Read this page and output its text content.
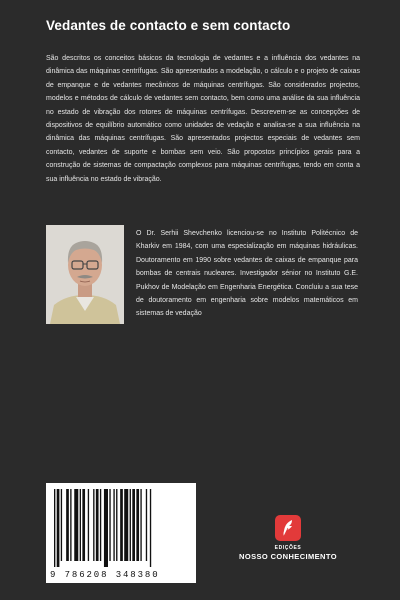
Vedantes de contacto e sem contacto
São descritos os conceitos básicos da tecnologia de vedantes e a influência dos vedantes na dinâmica das máquinas centrífugas. São apresentados a modelação, o cálculo e o projeto de caixas de empanque e de vedantes mecânicos de máquinas centrífugas. São considerados projectos, modelos e métodos de cálculo de vedantes sem contacto, bem como uma análise da sua influência no estado de vibração dos rotores de máquinas centrífugas. Descrevem-se as concepções de dispositivos de equilíbrio automático como unidades de vedação e analisa-se a sua influência na dinâmica das máquinas centrífugas. São apresentados projectos especiais de vedantes sem contacto, vedantes de suporte e bombas sem veio. São propostos princípios gerais para a construção de sistemas de compactação complexos para máquinas centrífugas, tendo em conta a sua influência no estado de vibração.
O Dr. Serhii Shevchenko licenciou-se no Instituto Politécnico de Kharkiv em 1984, com uma especialização em máquinas hidráulicas. Doutoramento em 1990 sobre vedantes de caixas de empanque para bombas de centrais nucleares. Investigador sénior no Instituto G.E. Pukhov de Modelação em Engenharia Energética. Concluiu a sua tese de doutoramento em engenharia sobre modelos matemáticos em sistemas de vedação
9 786208 348380
EDIÇÕES
NOSSO CONHECIMENTO
